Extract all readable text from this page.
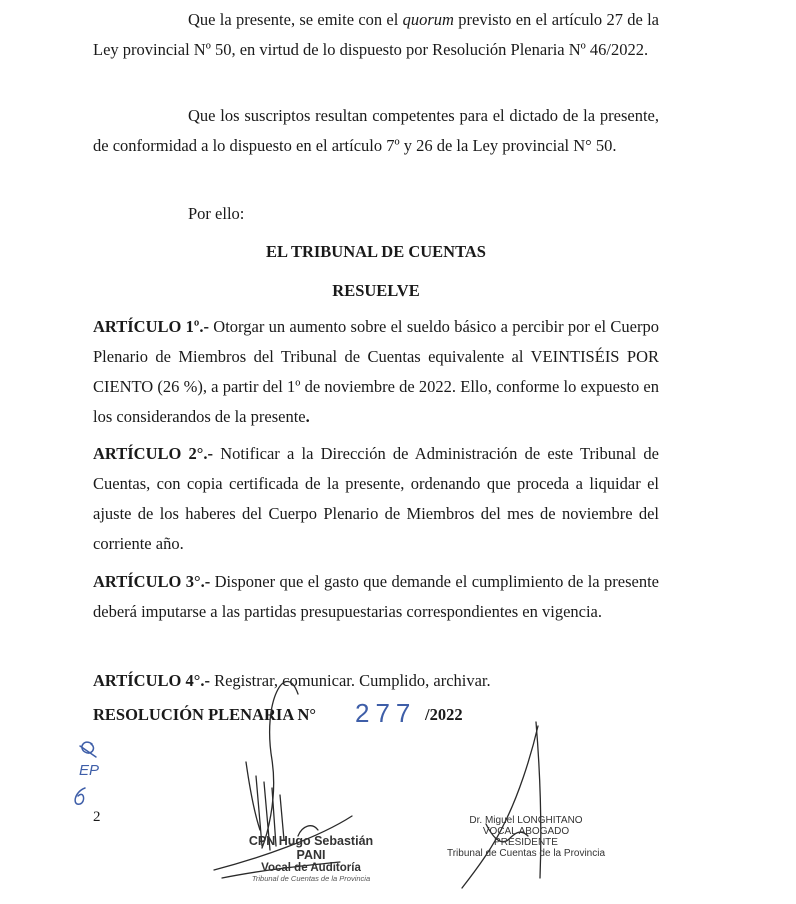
Que la presente, se emite con el quorum previsto en el artículo 27 de la Ley provincial Nº 50, en virtud de lo dispuesto por Resolución Plenaria Nº 46/2022.

Que los suscriptos resultan competentes para el dictado de la presente, de conformidad a lo dispuesto en el artículo 7º y 26 de la Ley provincial N° 50.

Por ello:

EL TRIBUNAL DE CUENTAS

RESUELVE

ARTÍCULO 1º.- Otorgar un aumento sobre el sueldo básico a percibir por el Cuerpo Plenario de Miembros del Tribunal de Cuentas equivalente al VEINTISÉIS POR CIENTO (26 %), a partir del 1º de noviembre de 2022. Ello, conforme lo expuesto en los considerandos de la presente.

ARTÍCULO 2°.- Notificar a la Dirección de Administración de este Tribunal de Cuentas, con copia certificada de la presente, ordenando que proceda a liquidar el ajuste de los haberes del Cuerpo Plenario de Miembros del mes de noviembre del corriente año.

ARTÍCULO 3°.- Disponer que el gasto que demande el cumplimiento de la presente deberá imputarse a las partidas presupuestarias correspondientes en vigencia.

ARTÍCULO 4°.- Registrar, comunicar. Cumplido, archivar.

RESOLUCIÓN PLENARIA N° 277 /2022
2
EP
CPN Hugo Sebastián PANI
Vocal de Auditoría
Tribunal de Cuentas de la Provincia
Dr. Miguel LONGHITANO
VOCAL ABOGADO
PRESIDENTE
Tribunal de Cuentas de la Provincia
